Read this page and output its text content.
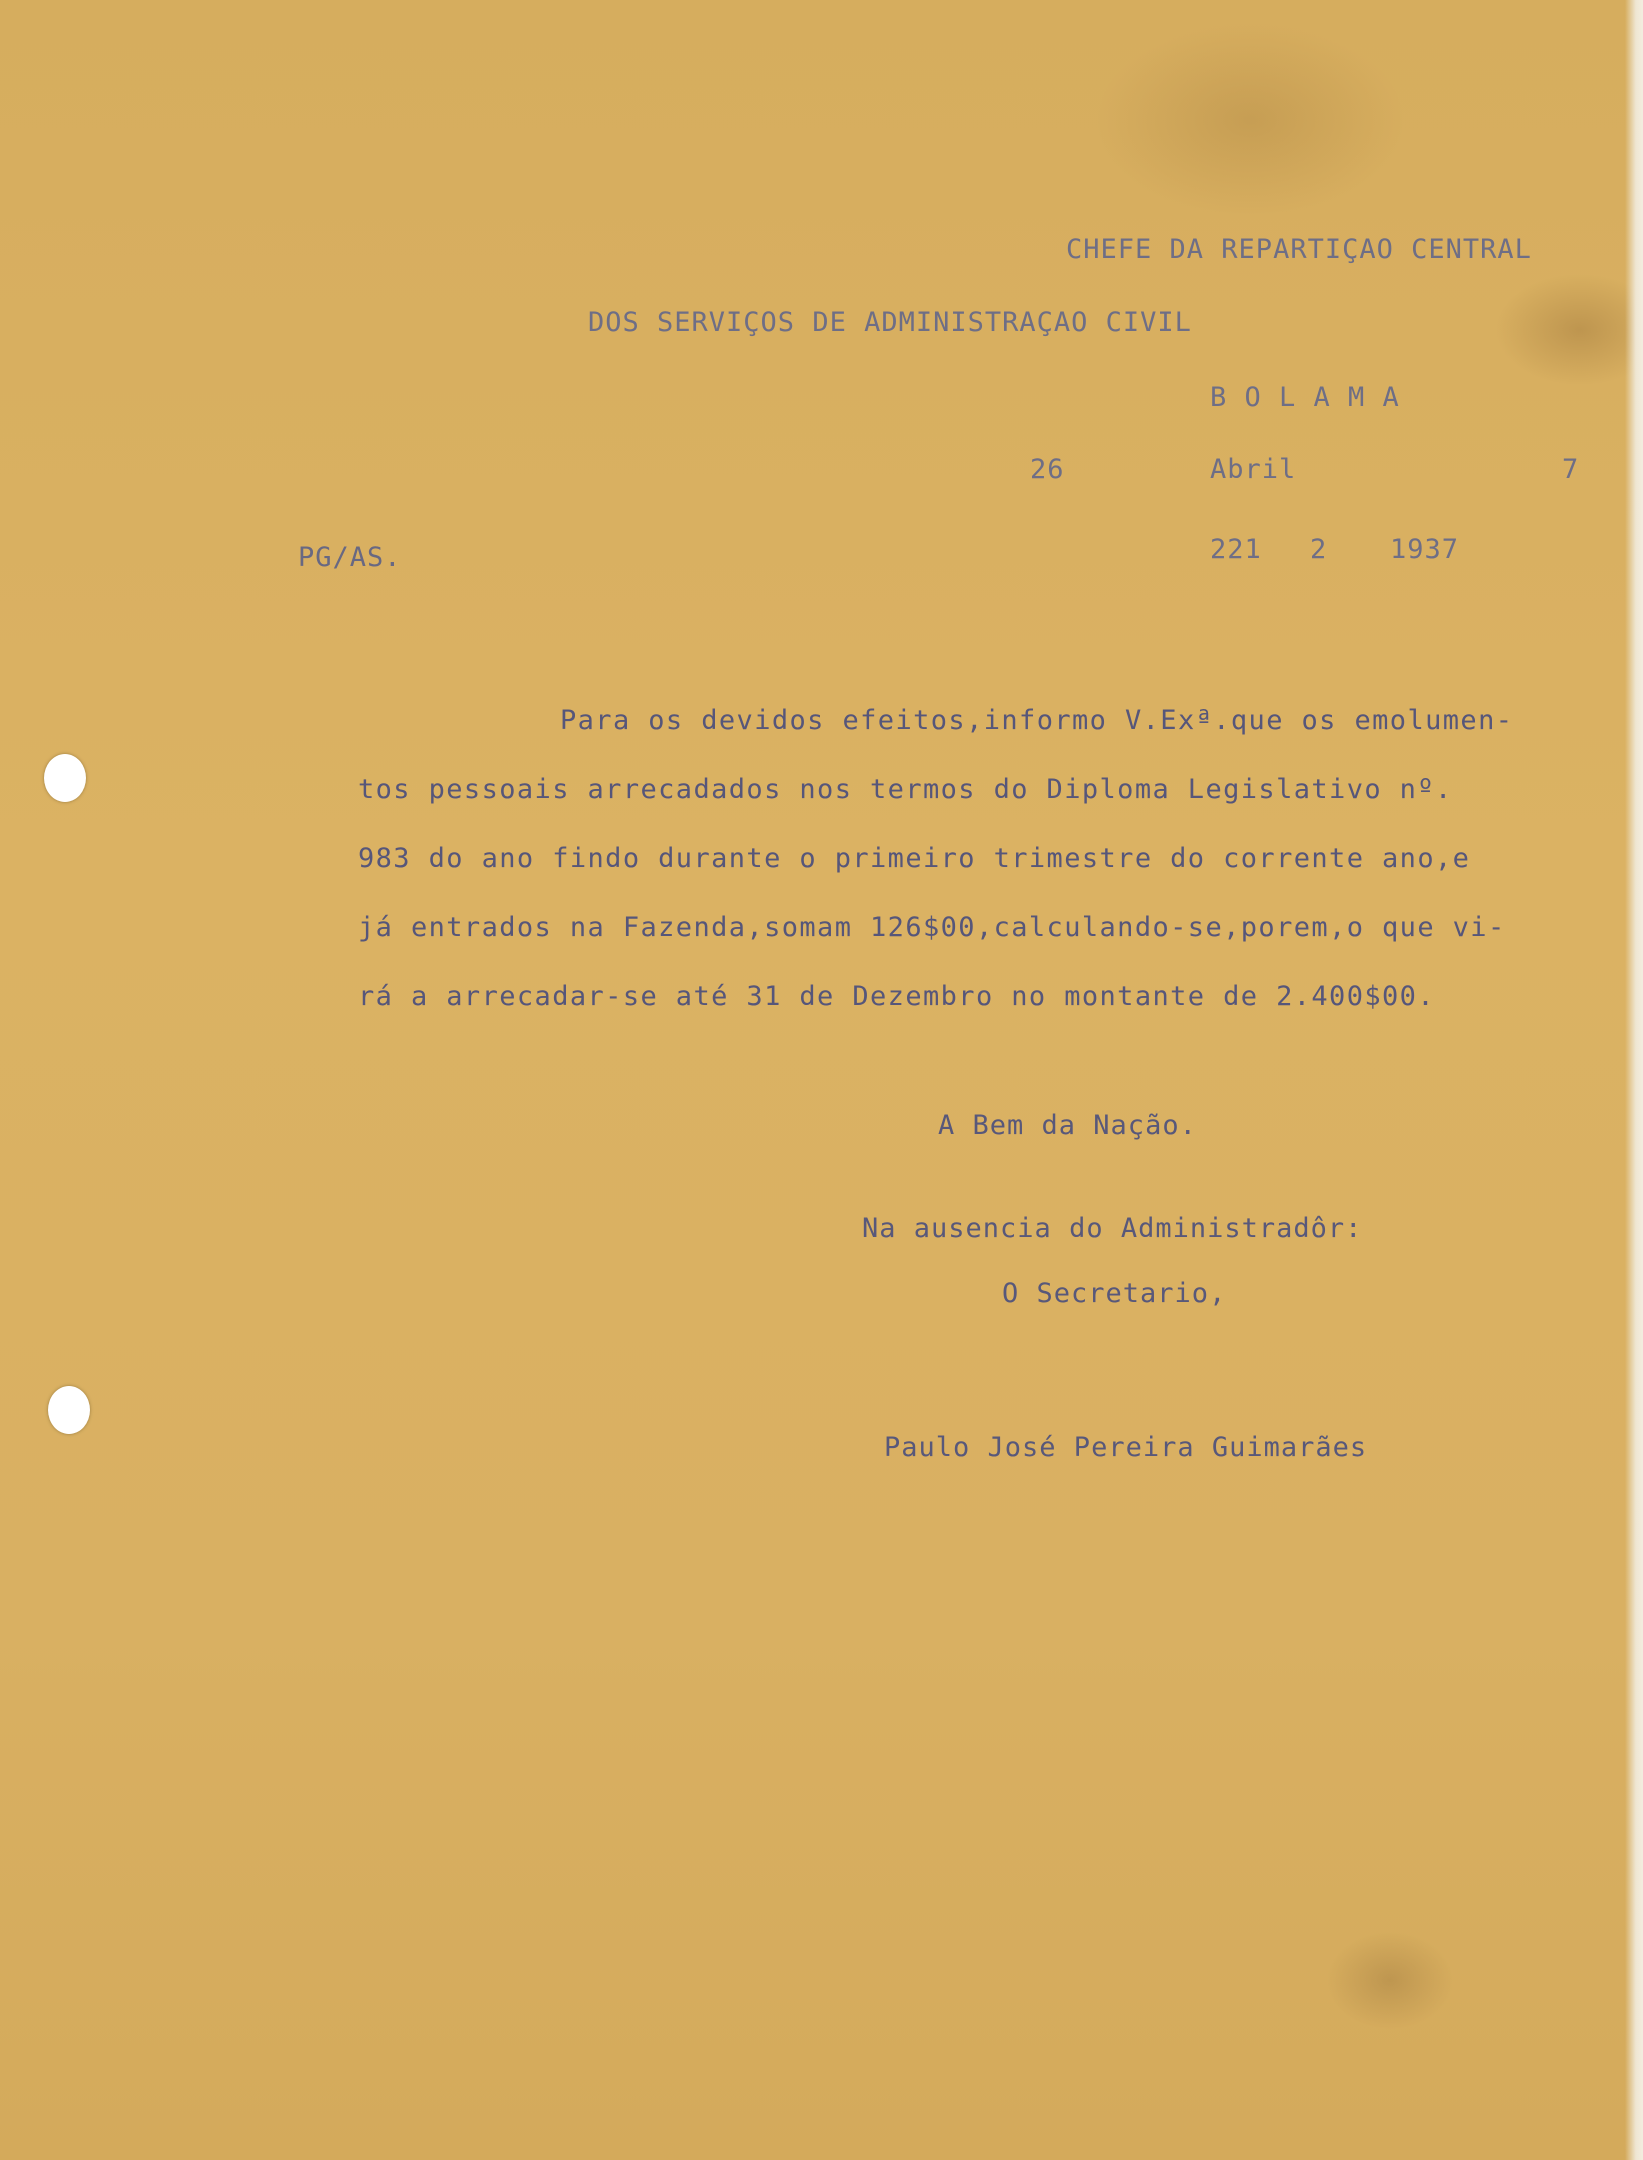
CHEFE DA REPARTIÇAO CENTRAL
DOS SERVIÇOS DE ADMINISTRAÇAO CIVIL
B O L A M A
26	Abril	7
PG/AS.	221 2 1937
Para os devidos efeitos,informo V.Exª.que os emolumen-
tos pessoais arrecadados nos termos do Diploma Legislativo nº.
983 do ano findo durante o primeiro trimestre do corrente ano,e
já entrados na Fazenda,somam 126$00,calculando-se,porem,o que vi-
rá a arrecadar-se até 31 de Dezembro no montante de 2.400$00.
A Bem da Nação.
Na ausencia do Administradôr:
O Secretario,
Paulo José Pereira Guimarães
